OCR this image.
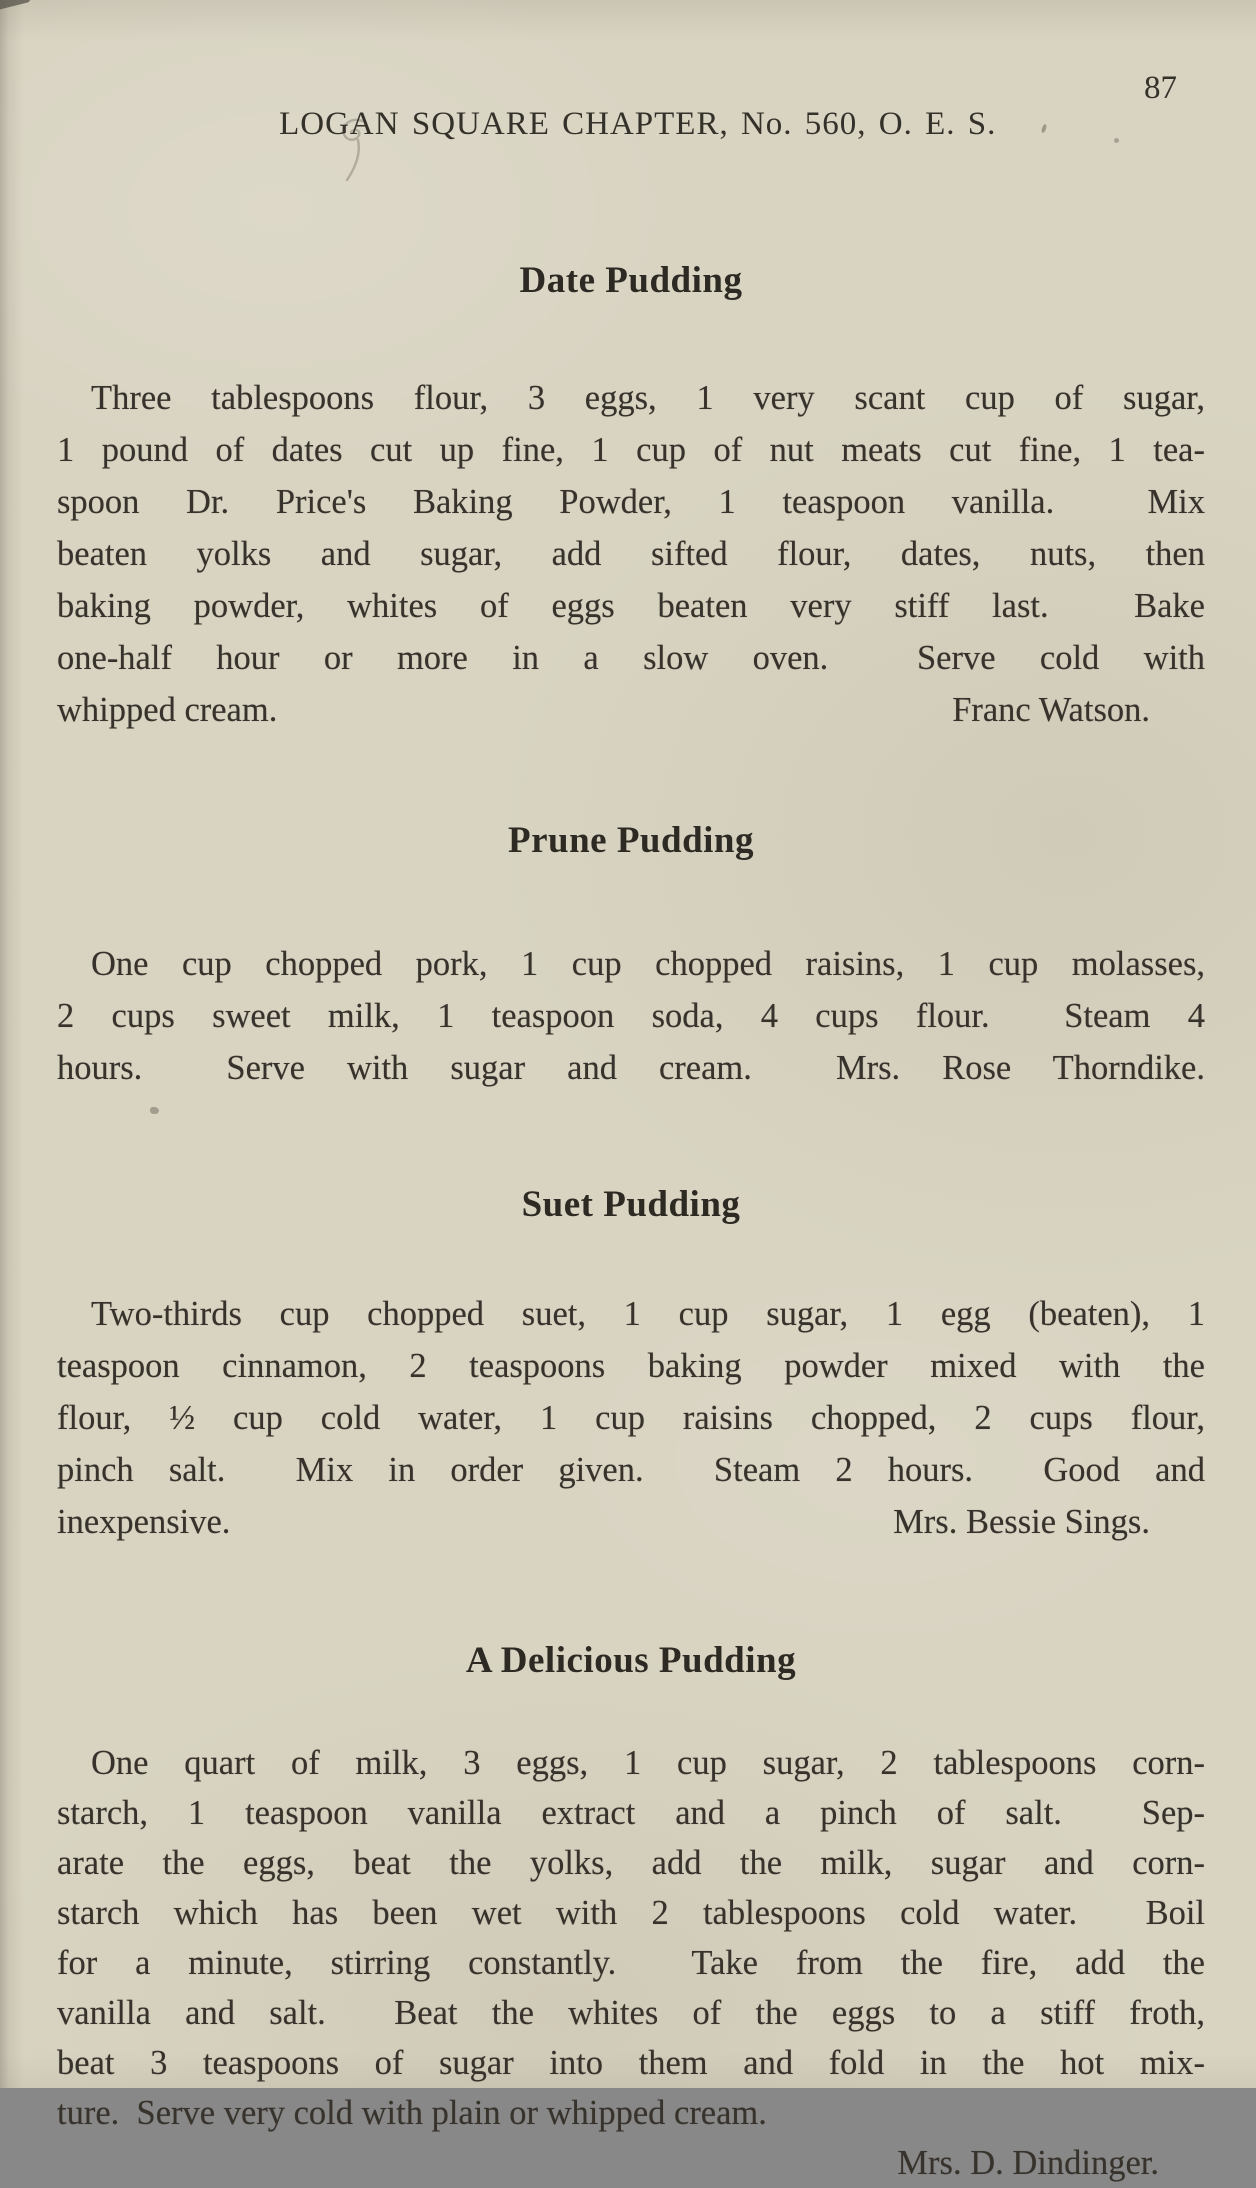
LOGAN SQUARE CHAPTER, No. 560, O. E. S.

87

Date Pudding
Three tablespoons flour, 3 eggs, 1 very scant cup of sugar,
1 pound of dates cut up fine, 1 cup of nut meats cut fine, 1 tea-
spoon Dr. Price's Baking Powder, 1 teaspoon vanilla.  Mix
beaten yolks and sugar, add sifted flour, dates, nuts, then
baking powder, whites of eggs beaten very stiff last.  Bake
one-half hour or more in a slow oven.  Serve cold with
whipped cream.	Franc Watson.
Prune Pudding
One cup chopped pork, 1 cup chopped raisins, 1 cup molasses,
2 cups sweet milk, 1 teaspoon soda, 4 cups flour.  Steam 4
hours.  Serve with sugar and cream.  Mrs. Rose Thorndike.
Suet Pudding
Two-thirds cup chopped suet, 1 cup sugar, 1 egg (beaten), 1
teaspoon cinnamon, 2 teaspoons baking powder mixed with the
flour, ½ cup cold water, 1 cup raisins chopped, 2 cups flour,
pinch salt.  Mix in order given.  Steam 2 hours.  Good and
inexpensive.	Mrs. Bessie Sings.
A Delicious Pudding
One quart of milk, 3 eggs, 1 cup sugar, 2 tablespoons corn-
starch, 1 teaspoon vanilla extract and a pinch of salt.  Sep-
arate the eggs, beat the yolks, add the milk, sugar and corn-
starch which has been wet with 2 tablespoons cold water.  Boil
for a minute, stirring constantly.  Take from the fire, add the
vanilla and salt.  Beat the whites of the eggs to a stiff froth,
beat 3 teaspoons of sugar into them and fold in the hot mix-
ture.  Serve very cold with plain or whipped cream.
Mrs. D. Dindinger.
